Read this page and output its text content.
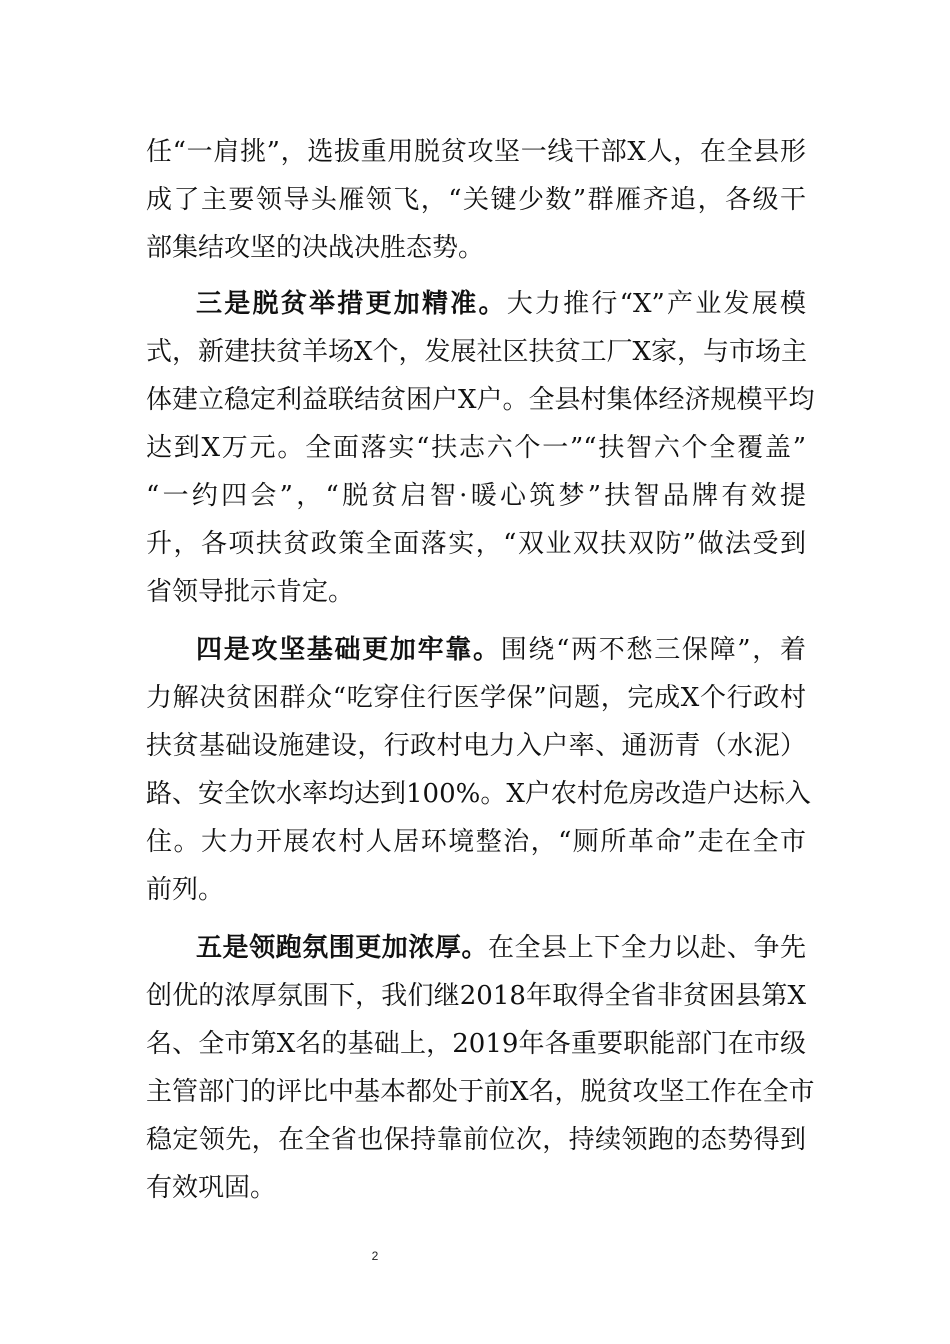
任“一肩挑”，选拔重用脱贫攻坚一线干部X人，在全县形
成了主要领导头雁领飞，“关键少数”群雁齐追，各级干
部集结攻坚的决战决胜态势。
三是脱贫举措更加精准。大力推行“X”产业发展模
式，新建扶贫羊场X个，发展社区扶贫工厂X家，与市场主
体建立稳定利益联结贫困户X户。全县村集体经济规模平均
达到X万元。全面落实“扶志六个一”“扶智六个全覆盖”
“一约四会”，“脱贫启智·暖心筑梦”扶智品牌有效提
升，各项扶贫政策全面落实，“双业双扶双防”做法受到
省领导批示肯定。
四是攻坚基础更加牢靠。围绕“两不愁三保障”，着
力解决贫困群众“吃穿住行医学保”问题，完成X个行政村
扶贫基础设施建设，行政村电力入户率、通沥青（水泥）
路、安全饮水率均达到100%。X户农村危房改造户达标入
住。大力开展农村人居环境整治，“厕所革命”走在全市
前列。
五是领跑氛围更加浓厚。在全县上下全力以赴、争先
创优的浓厚氛围下，我们继2018年取得全省非贫困县第X
名、全市第X名的基础上，2019年各重要职能部门在市级
主管部门的评比中基本都处于前X名，脱贫攻坚工作在全市
稳定领先，在全省也保持靠前位次，持续领跑的态势得到
有效巩固。
2
